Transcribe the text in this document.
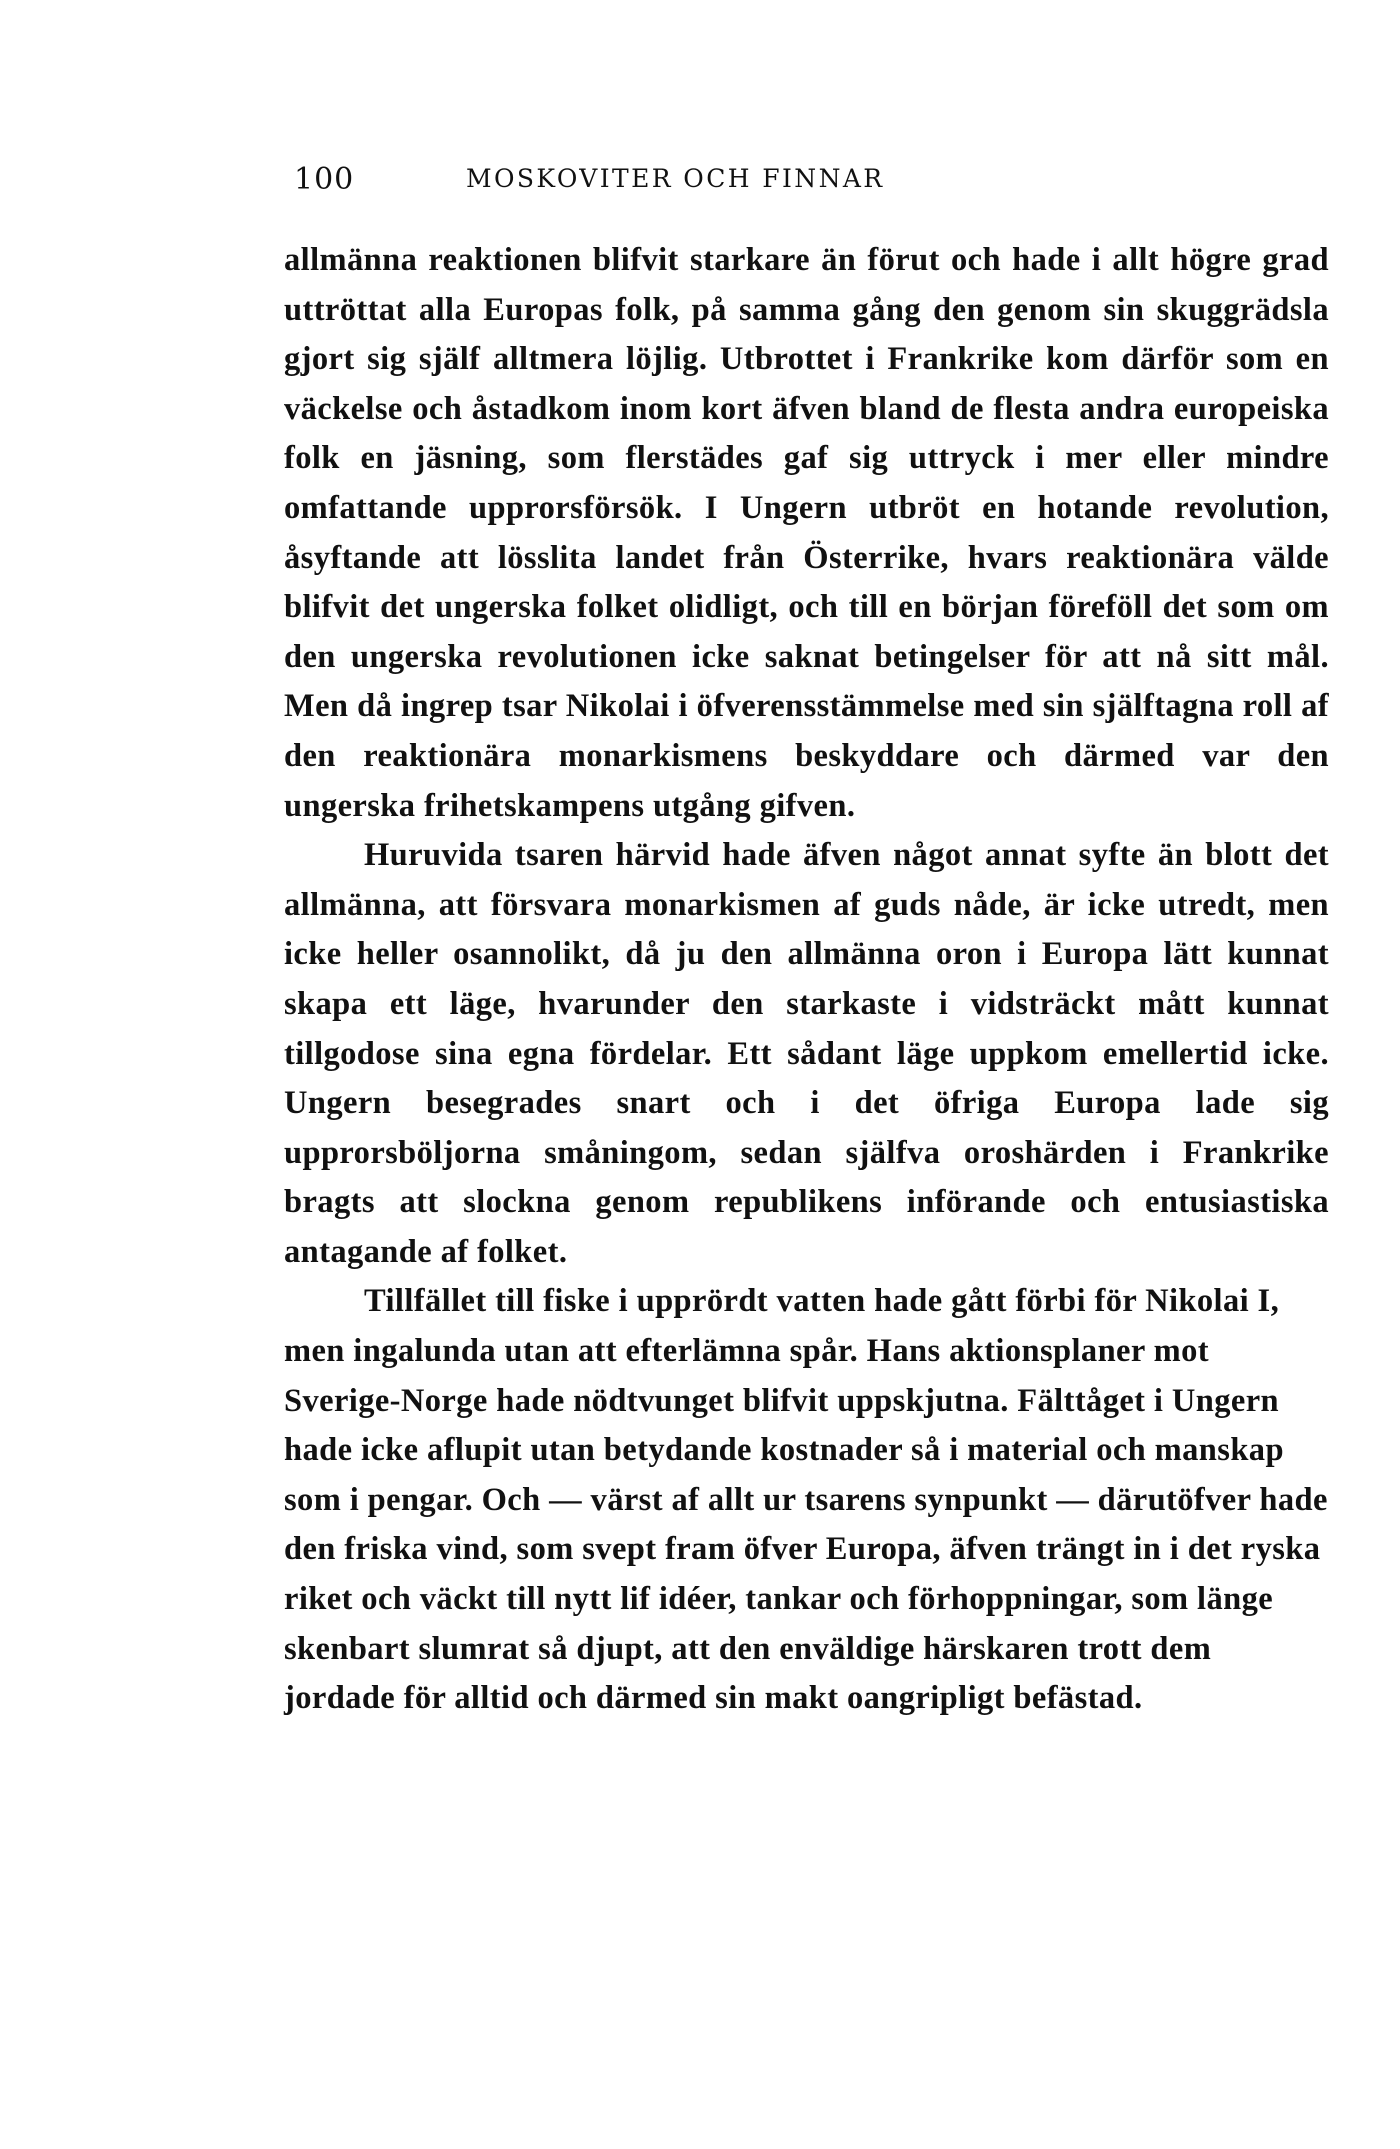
100	MOSKOVITER OCH FINNAR

allmänna reaktionen blifvit starkare än förut och hade i allt högre grad uttröttat alla Europas folk, på samma gång den genom sin skuggrädsla gjort sig själf alltmera löjlig. Utbrottet i Frankrike kom därför som en väckelse och åstadkom inom kort äfven bland de flesta andra europeiska folk en jäsning, som flerstädes gaf sig uttryck i mer eller mindre omfattande upprorsförsök. I Ungern utbröt en hotande revolution, åsyftande att lösslita landet från Österrike, hvars reaktionära välde blifvit det ungerska folket olidligt, och till en början föreföll det som om den ungerska revolutionen icke saknat betingelser för att nå sitt mål. Men då ingrep tsar Nikolai i öfverensstämmelse med sin själftagna roll af den reaktionära monarkismens beskyddare och därmed var den ungerska frihetskampens utgång gifven.

Huruvida tsaren härvid hade äfven något annat syfte än blott det allmänna, att försvara monarkismen af guds nåde, är icke utredt, men icke heller osannolikt, då ju den allmänna oron i Europa lätt kunnat skapa ett läge, hvarunder den starkaste i vidsträckt mått kunnat tillgodose sina egna fördelar. Ett sådant läge uppkom emellertid icke. Ungern besegrades snart och i det öfriga Europa lade sig upprorsböljorna småningom, sedan själfva oroshärden i Frankrike bragts att slockna genom republikens införande och entusiastiska antagande af folket.

Tillfället till fiske i upprördt vatten hade gått förbi för Nikolai I, men ingalunda utan att efterlämna spår. Hans aktionsplaner mot Sverige-Norge hade nödtvunget blifvit uppskjutna. Fälttåget i Ungern hade icke aflupit utan betydande kostnader så i material och manskap som i pengar. Och — värst af allt ur tsarens synpunkt — därutöfver hade den friska vind, som svept fram öfver Europa, äfven trängt in i det ryska riket och väckt till nytt lif idéer, tankar och förhoppningar, som länge skenbart slumrat så djupt, att den enväldige härskaren trott dem jordade för alltid och därmed sin makt oangripligt befästad.
